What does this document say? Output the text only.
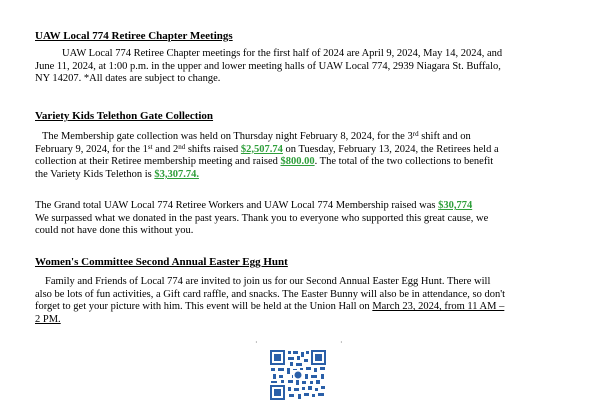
UAW Local 774 Retiree Chapter Meetings
UAW Local 774 Retiree Chapter meetings for the first half of 2024 are April 9, 2024, May 14, 2024, and
June 11, 2024, at 1:00 p.m. in the upper and lower meeting halls of UAW Local 774, 2939 Niagara St. Buffalo,
NY 14207. *All dates are subject to change.
Variety Kids Telethon Gate Collection
The Membership gate collection was held on Thursday night February 8, 2024, for the 3rd shift and on
February 9, 2024, for the 1st and 2nd shifts raised $2,507.74 on Tuesday, February 13, 2024, the Retirees held a
collection at their Retiree membership meeting and raised $800.00. The total of the two collections to benefit
the Variety Kids Telethon is $3,307.74.
The Grand total UAW Local 774 Retiree Workers and UAW Local 774 Membership raised was $30,774
We surpassed what we donated in the past years. Thank you to everyone who supported this great cause, we
could not have done this without you.
Women's Committee Second Annual Easter Egg Hunt
Family and Friends of Local 774 are invited to join us for our Second Annual Easter Egg Hunt. There will
also be lots of fun activities, a Gift card raffle, and snacks. The Easter Bunny will also be in attendance, so don't
forget to get your picture with him. This event will be held at the Union Hall on March 23, 2024, from 11 AM –
2 PM.
·	·
